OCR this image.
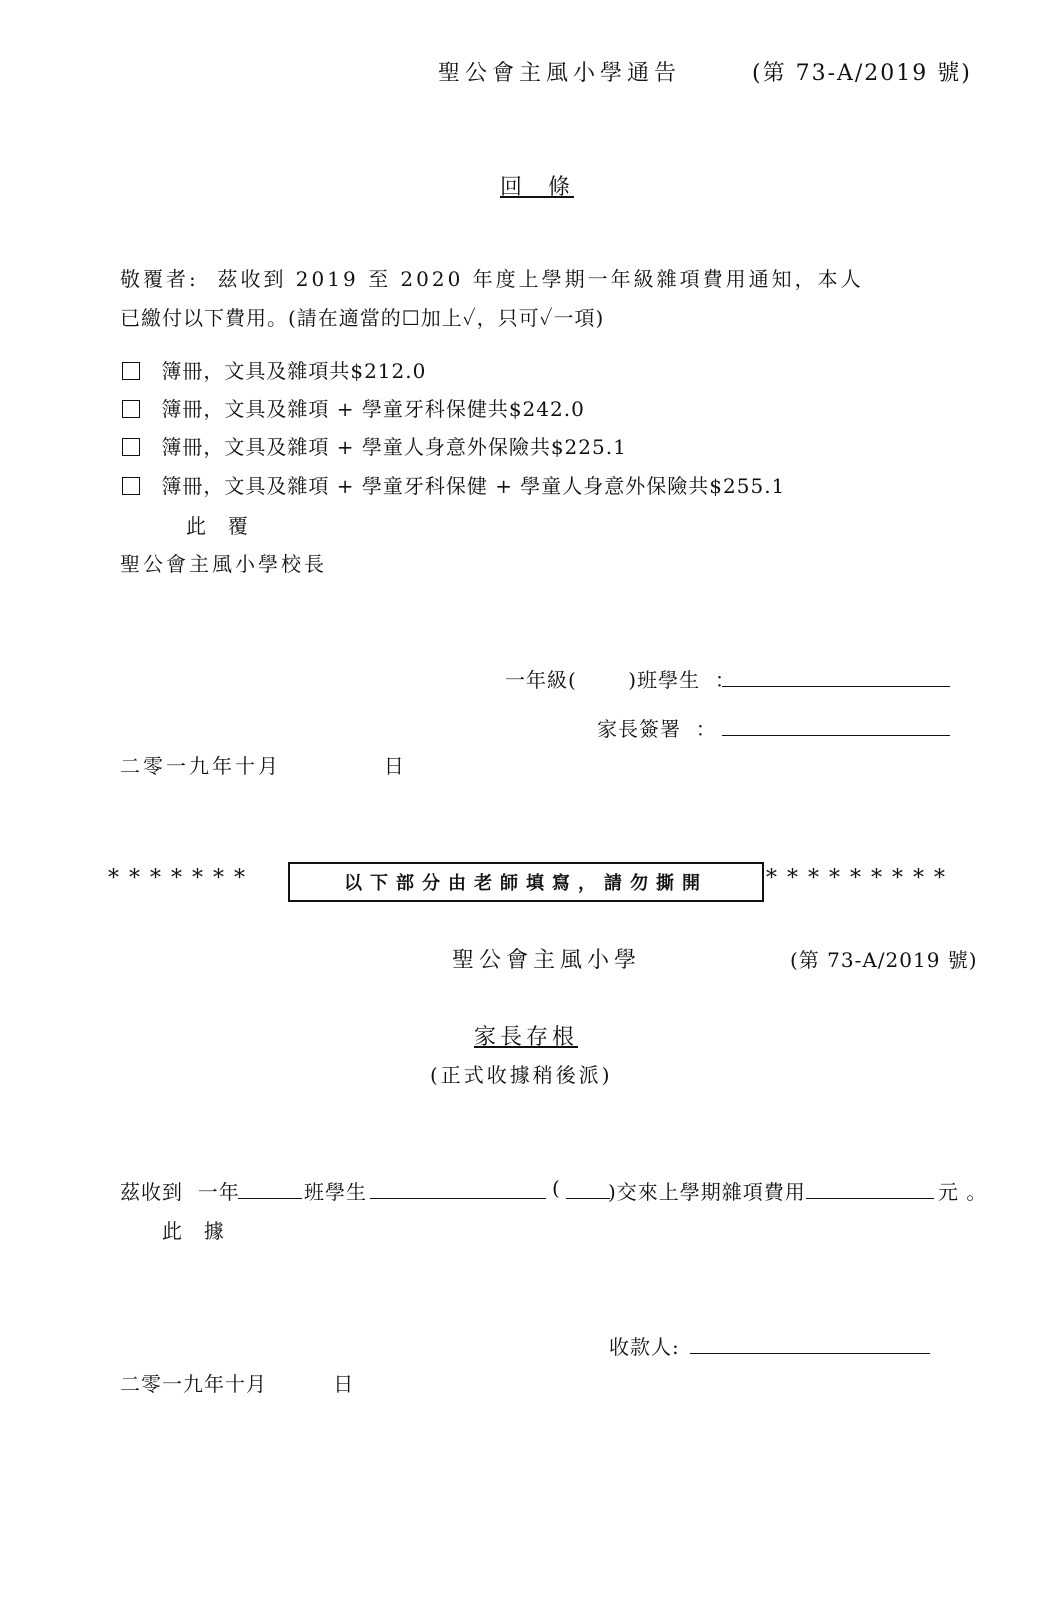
聖公會主風小學通告	(第 73-A/2019 號)
回  條
敬覆者:  茲收到 2019 至 2020 年度上學期一年級雜項費用通知，本人
已繳付以下費用。(請在適當的☐加上✓，只可✓一項)
簿冊，文具及雜項共$212.0
簿冊，文具及雜項 + 學童牙科保健共$242.0
簿冊，文具及雜項 + 學童人身意外保險共$225.1
簿冊，文具及雜項 + 學童牙科保健 + 學童人身意外保險共$255.1
此  覆
聖公會主風小學校長
一年級(       )班學生  ：
家長簽署  ：
二零一九年十月           日
*******	以下部分由老師填寫，請勿撕開	*********
聖公會主風小學	(第 73-A/2019 號)
家長存根
(正式收據稍後派)
茲收到  一年	班學生	( )交來上學期雜項費用	元 。
此  據
收款人:
二零一九年十月         日
